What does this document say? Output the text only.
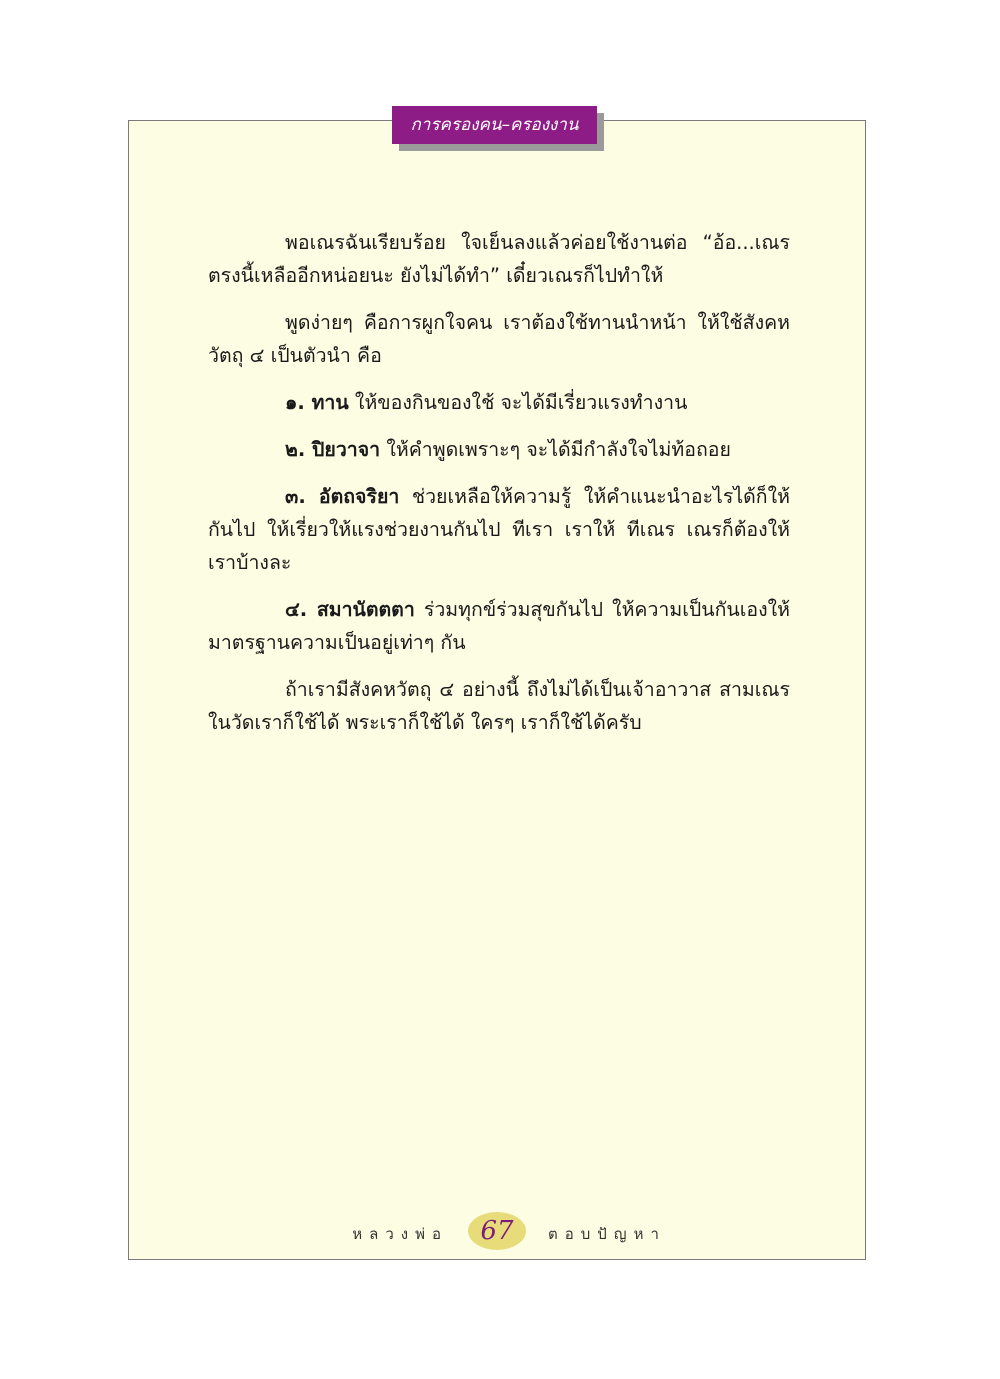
การครองคน–ครองงาน

พอเณรฉันเรียบร้อย ใจเย็นลงแล้วค่อยใช้งานต่อ “อ้อ...เณรตรงนี้เหลืออีกหน่อยนะ ยังไม่ได้ทำ” เดี๋ยวเณรก็ไปทำให้

พูดง่ายๆ คือการผูกใจคน เราต้องใช้ทานนำหน้า ให้ใช้สังคหวัตถุ ๔ เป็นตัวนำ คือ

๑. ทาน ให้ของกินของใช้ จะได้มีเรี่ยวแรงทำงาน

๒. ปิยวาจา ให้คำพูดเพราะๆ จะได้มีกำลังใจไม่ท้อถอย

๓. อัตถจริยา ช่วยเหลือให้ความรู้ ให้คำแนะนำอะไรได้ก็ให้กันไป ให้เรี่ยวให้แรงช่วยงานกันไป ทีเรา เราให้ ทีเณร เณรก็ต้องให้เราบ้างละ

๔. สมานัตตตา ร่วมทุกข์ร่วมสุขกันไป ให้ความเป็นกันเองให้มาตรฐานความเป็นอยู่เท่าๆ กัน

ถ้าเรามีสังคหวัตถุ ๔ อย่างนี้ ถึงไม่ได้เป็นเจ้าอาวาส สามเณรในวัดเราก็ใช้ได้ พระเราก็ใช้ได้ ใครๆ เราก็ใช้ได้ครับ

หลวงพ่อ	67	ตอบปัญหา
